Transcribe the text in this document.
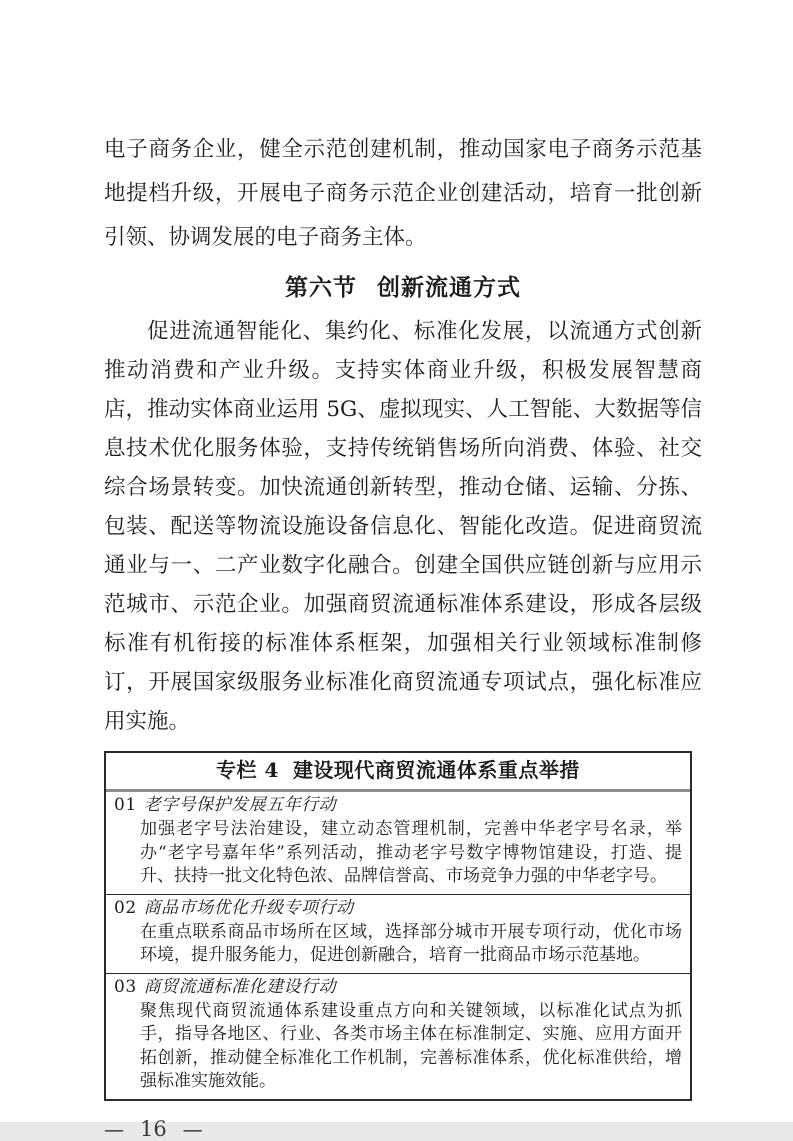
电子商务企业，健全示范创建机制，推动国家电子商务示范基地提档升级，开展电子商务示范企业创建活动，培育一批创新引领、协调发展的电子商务主体。

第六节 创新流通方式

促进流通智能化、集约化、标准化发展，以流通方式创新推动消费和产业升级。支持实体商业升级，积极发展智慧商店，推动实体商业运用 5G、虚拟现实、人工智能、大数据等信息技术优化服务体验，支持传统销售场所向消费、体验、社交综合场景转变。加快流通创新转型，推动仓储、运输、分拣、包装、配送等物流设施设备信息化、智能化改造。促进商贸流通业与一、二产业数字化融合。创建全国供应链创新与应用示范城市、示范企业。加强商贸流通标准体系建设，形成各层级标准有机衔接的标准体系框架，加强相关行业领域标准制修订，开展国家级服务业标准化商贸流通专项试点，强化标准应用实施。

专栏 4 建设现代商贸流通体系重点举措
01 老字号保护发展五年行动
加强老字号法治建设，建立动态管理机制，完善中华老字号名录，举办“老字号嘉年华”系列活动，推动老字号数字博物馆建设，打造、提升、扶持一批文化特色浓、品牌信誉高、市场竞争力强的中华老字号。
02 商品市场优化升级专项行动
在重点联系商品市场所在区域，选择部分城市开展专项行动，优化市场环境，提升服务能力，促进创新融合，培育一批商品市场示范基地。
03 商贸流通标准化建设行动
聚焦现代商贸流通体系建设重点方向和关键领域，以标准化试点为抓手，指导各地区、行业、各类市场主体在标准制定、实施、应用方面开拓创新，推动健全标准化工作机制，完善标准体系，优化标准供给，增强标准实施效能。
— 16 —
